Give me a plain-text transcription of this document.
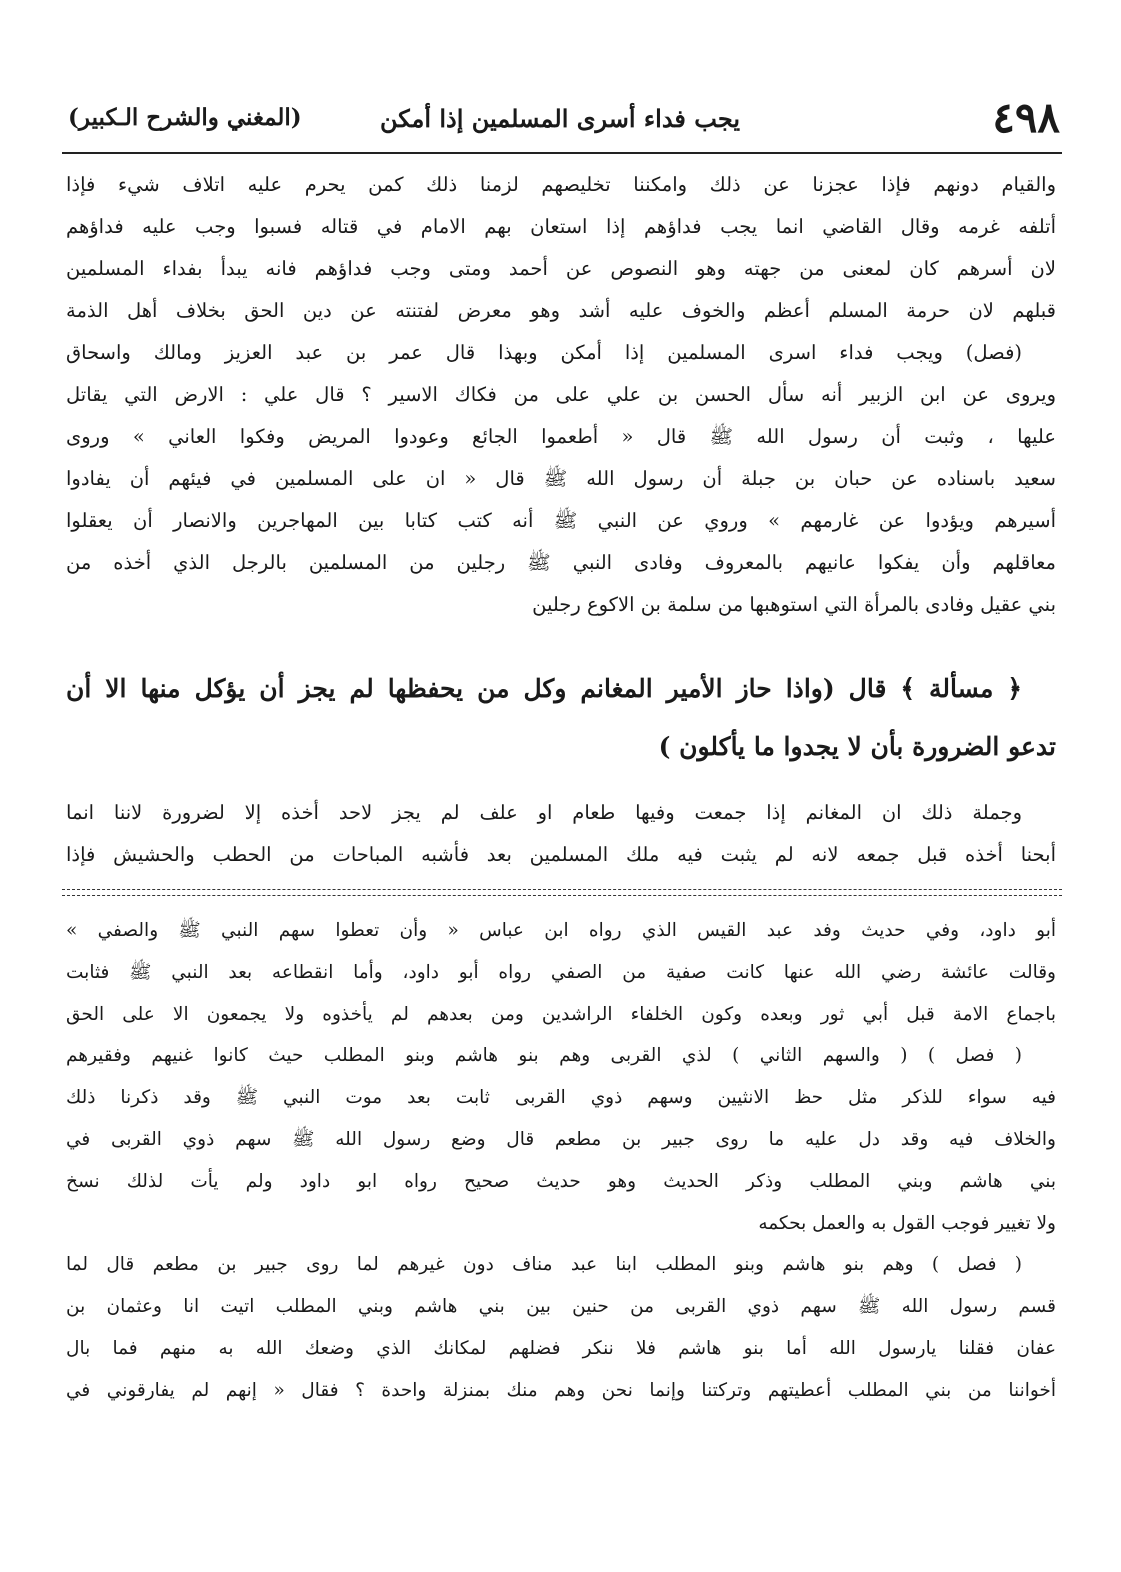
٤٩٨
يجب فداء أسرى المسلمين إذا أمكن
(المغني والشرح الـكبير)
والقيام دونهم فإذا عجزنا عن ذلك وامكننا تخليصهم لزمنا ذلك كمن يحرم عليه اتلاف شيء فإذا
أتلفه غرمه وقال القاضي انما يجب فداؤهم إذا استعان بهم الامام في قتاله فسبوا وجب عليه فداؤهم
لان أسرهم كان لمعنى من جهته وهو النصوص عن أحمد ومتى وجب فداؤهم فانه يبدأ بفداء المسلمين
قبلهم لان حرمة المسلم أعظم والخوف عليه أشد وهو معرض لفتنته عن دين الحق بخلاف أهل الذمة
(فصل) ويجب فداء اسرى المسلمين إذا أمكن وبهذا قال عمر بن عبد العزيز ومالك واسحاق
ويروى عن ابن الزبير أنه سأل الحسن بن علي على من فكاك الاسير ؟ قال علي : الارض التي يقاتل
عليها ، وثبت أن رسول الله ﷺ قال « أطعموا الجائع وعودوا المريض وفكوا العاني » وروى
سعيد باسناده عن حبان بن جبلة أن رسول الله ﷺ قال « ان على المسلمين في فيئهم أن يفادوا
أسيرهم ويؤدوا عن غارمهم » وروي عن النبي ﷺ أنه كتب كتابا بين المهاجرين والانصار أن يعقلوا
معاقلهم وأن يفكوا عانيهم بالمعروف وفادى النبي ﷺ رجلين من المسلمين بالرجل الذي أخذه من
بني عقيل وفادى بالمرأة التي استوهبها من سلمة بن الاكوع رجلين
﴿ مسألة ﴾ قال (واذا حاز الأمير المغانم وكل من يحفظها لم يجز أن يؤكل منها الا أن
تدعو الضرورة بأن لا يجدوا ما يأكلون )
وجملة ذلك ان المغانم إذا جمعت وفيها طعام او علف لم يجز لاحد أخذه إلا لضرورة لاننا انما
أبحنا أخذه قبل جمعه لانه لم يثبت فيه ملك المسلمين بعد فأشبه المباحات من الحطب والحشيش فإذا
أبو داود، وفي حديث وفد عبد القيس الذي رواه ابن عباس « وأن تعطوا سهم النبي ﷺ والصفي »
وقالت عائشة رضي الله عنها كانت صفية من الصفي رواه أبو داود، وأما انقطاعه بعد النبي ﷺ فثابت
باجماع الامة قبل أبي ثور وبعده وكون الخلفاء الراشدين ومن بعدهم لم يأخذوه ولا يجمعون الا على الحق
( فصل ) ( والسهم الثاني ) لذي القربى وهم بنو هاشم وبنو المطلب حيث كانوا غنيهم وفقيرهم
فيه سواء للذكر مثل حظ الانثيين وسهم ذوي القربى ثابت بعد موت النبي ﷺ وقد ذكرنا ذلك
والخلاف فيه وقد دل عليه ما روى جبير بن مطعم قال وضع رسول الله ﷺ سهم ذوي القربى في
بني هاشم وبني المطلب وذكر الحديث وهو حديث صحيح رواه ابو داود ولم يأت لذلك نسخ
ولا تغيير فوجب القول به والعمل بحكمه
( فصل ) وهم بنو هاشم وبنو المطلب ابنا عبد مناف دون غيرهم لما روى جبير بن مطعم قال لما
قسم رسول الله ﷺ سهم ذوي القربى من حنين بين بني هاشم وبني المطلب اتيت انا وعثمان بن
عفان فقلنا يارسول الله أما بنو هاشم فلا ننكر فضلهم لمكانك الذي وضعك الله به منهم فما بال
أخواننا من بني المطلب أعطيتهم وتركتنا وإنما نحن وهم منك بمنزلة واحدة ؟ فقال « إنهم لم يفارقوني في
